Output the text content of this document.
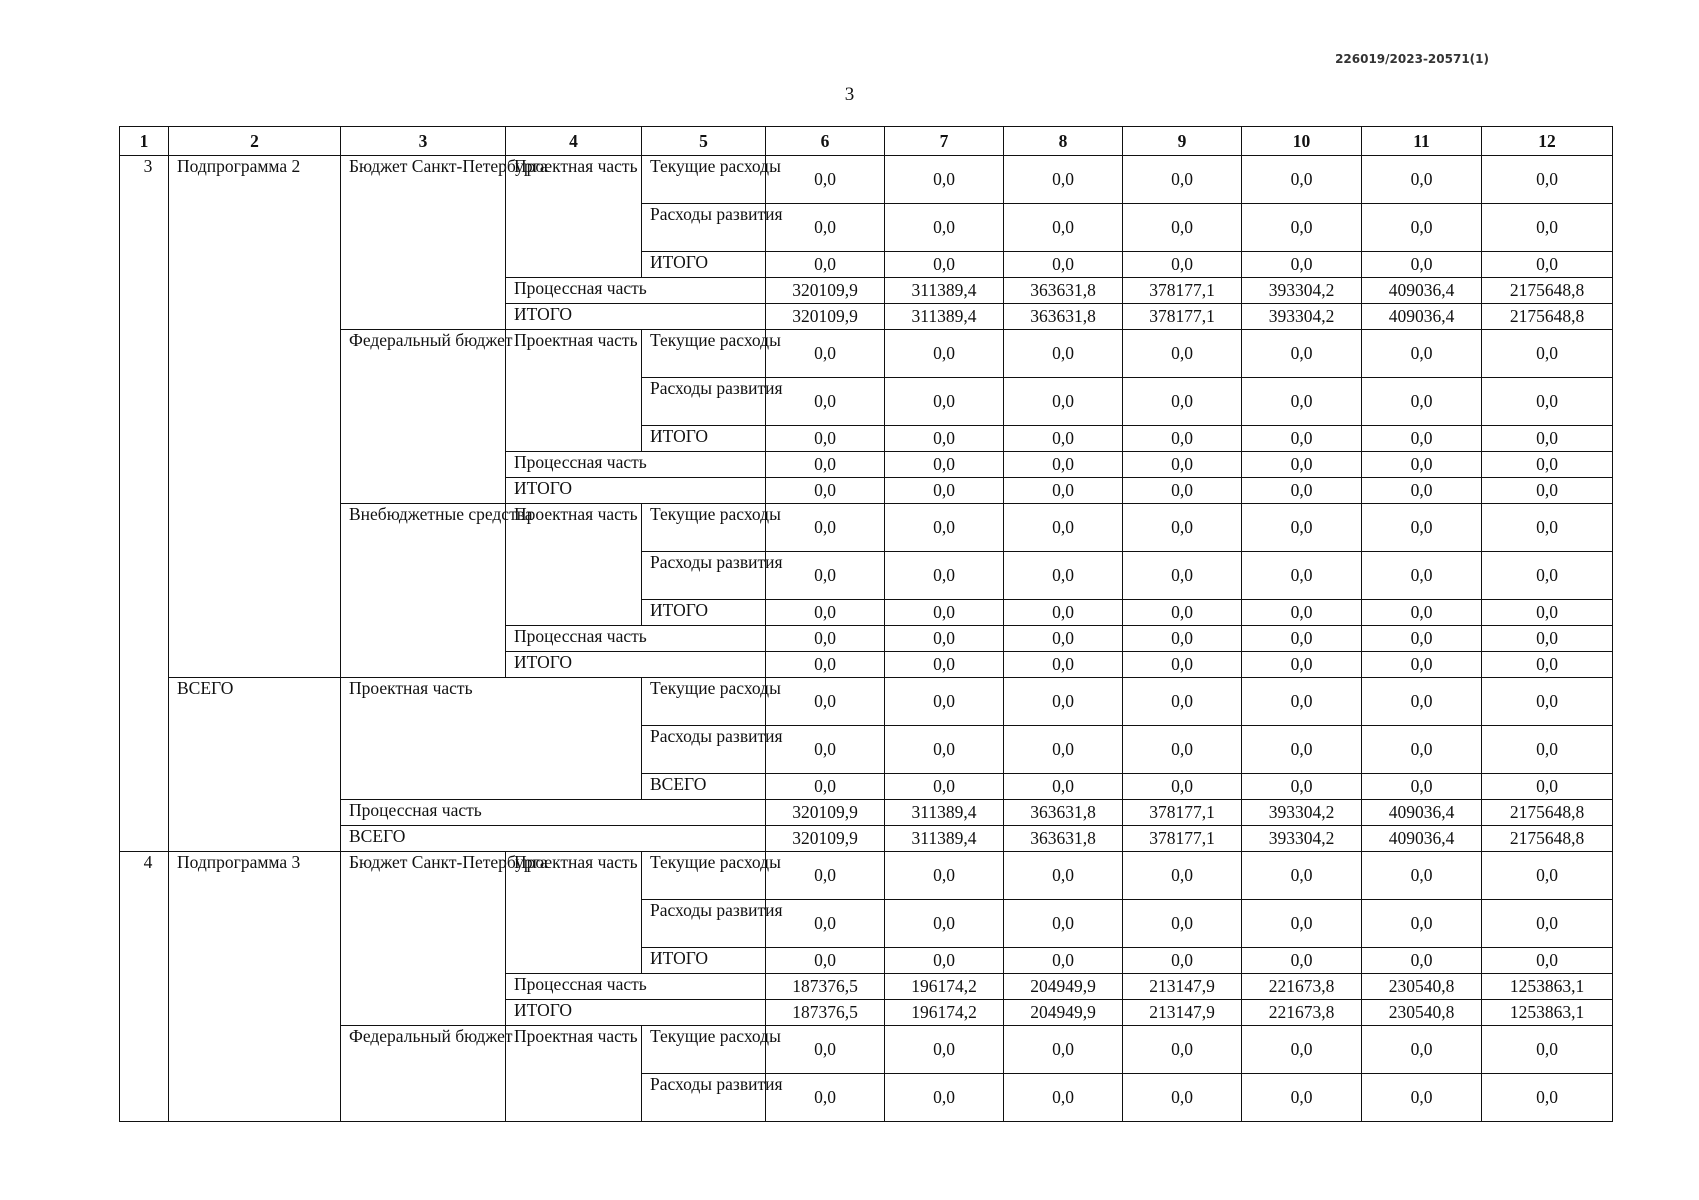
226019/2023-20571(1)
3
1	2	3	4	5	6	7	8	9	10	11	12
3	Подпрограмма 2	Бюджет Санкт-Петербурга	Проектная часть	Текущие расходы	0,0	0,0	0,0	0,0	0,0	0,0	0,0
				Расходы развития	0,0	0,0	0,0	0,0	0,0	0,0	0,0
				ИТОГО	0,0	0,0	0,0	0,0	0,0	0,0	0,0
			Процессная часть		320109,9	311389,4	363631,8	378177,1	393304,2	409036,4	2175648,8
			ИТОГО		320109,9	311389,4	363631,8	378177,1	393304,2	409036,4	2175648,8
		Федеральный бюджет	Проектная часть	Текущие расходы	0,0	0,0	0,0	0,0	0,0	0,0	0,0
				Расходы развития	0,0	0,0	0,0	0,0	0,0	0,0	0,0
				ИТОГО	0,0	0,0	0,0	0,0	0,0	0,0	0,0
			Процессная часть		0,0	0,0	0,0	0,0	0,0	0,0	0,0
			ИТОГО		0,0	0,0	0,0	0,0	0,0	0,0	0,0
		Внебюджетные средства	Проектная часть	Текущие расходы	0,0	0,0	0,0	0,0	0,0	0,0	0,0
				Расходы развития	0,0	0,0	0,0	0,0	0,0	0,0	0,0
				ИТОГО	0,0	0,0	0,0	0,0	0,0	0,0	0,0
			Процессная часть		0,0	0,0	0,0	0,0	0,0	0,0	0,0
			ИТОГО		0,0	0,0	0,0	0,0	0,0	0,0	0,0
	ВСЕГО	Проектная часть		Текущие расходы	0,0	0,0	0,0	0,0	0,0	0,0	0,0
				Расходы развития	0,0	0,0	0,0	0,0	0,0	0,0	0,0
				ВСЕГО	0,0	0,0	0,0	0,0	0,0	0,0	0,0
		Процессная часть			320109,9	311389,4	363631,8	378177,1	393304,2	409036,4	2175648,8
		ВСЕГО			320109,9	311389,4	363631,8	378177,1	393304,2	409036,4	2175648,8
4	Подпрограмма 3	Бюджет Санкт-Петербурга	Проектная часть	Текущие расходы	0,0	0,0	0,0	0,0	0,0	0,0	0,0
				Расходы развития	0,0	0,0	0,0	0,0	0,0	0,0	0,0
				ИТОГО	0,0	0,0	0,0	0,0	0,0	0,0	0,0
			Процессная часть		187376,5	196174,2	204949,9	213147,9	221673,8	230540,8	1253863,1
			ИТОГО		187376,5	196174,2	204949,9	213147,9	221673,8	230540,8	1253863,1
		Федеральный бюджет	Проектная часть	Текущие расходы	0,0	0,0	0,0	0,0	0,0	0,0	0,0
				Расходы развития	0,0	0,0	0,0	0,0	0,0	0,0	0,0
